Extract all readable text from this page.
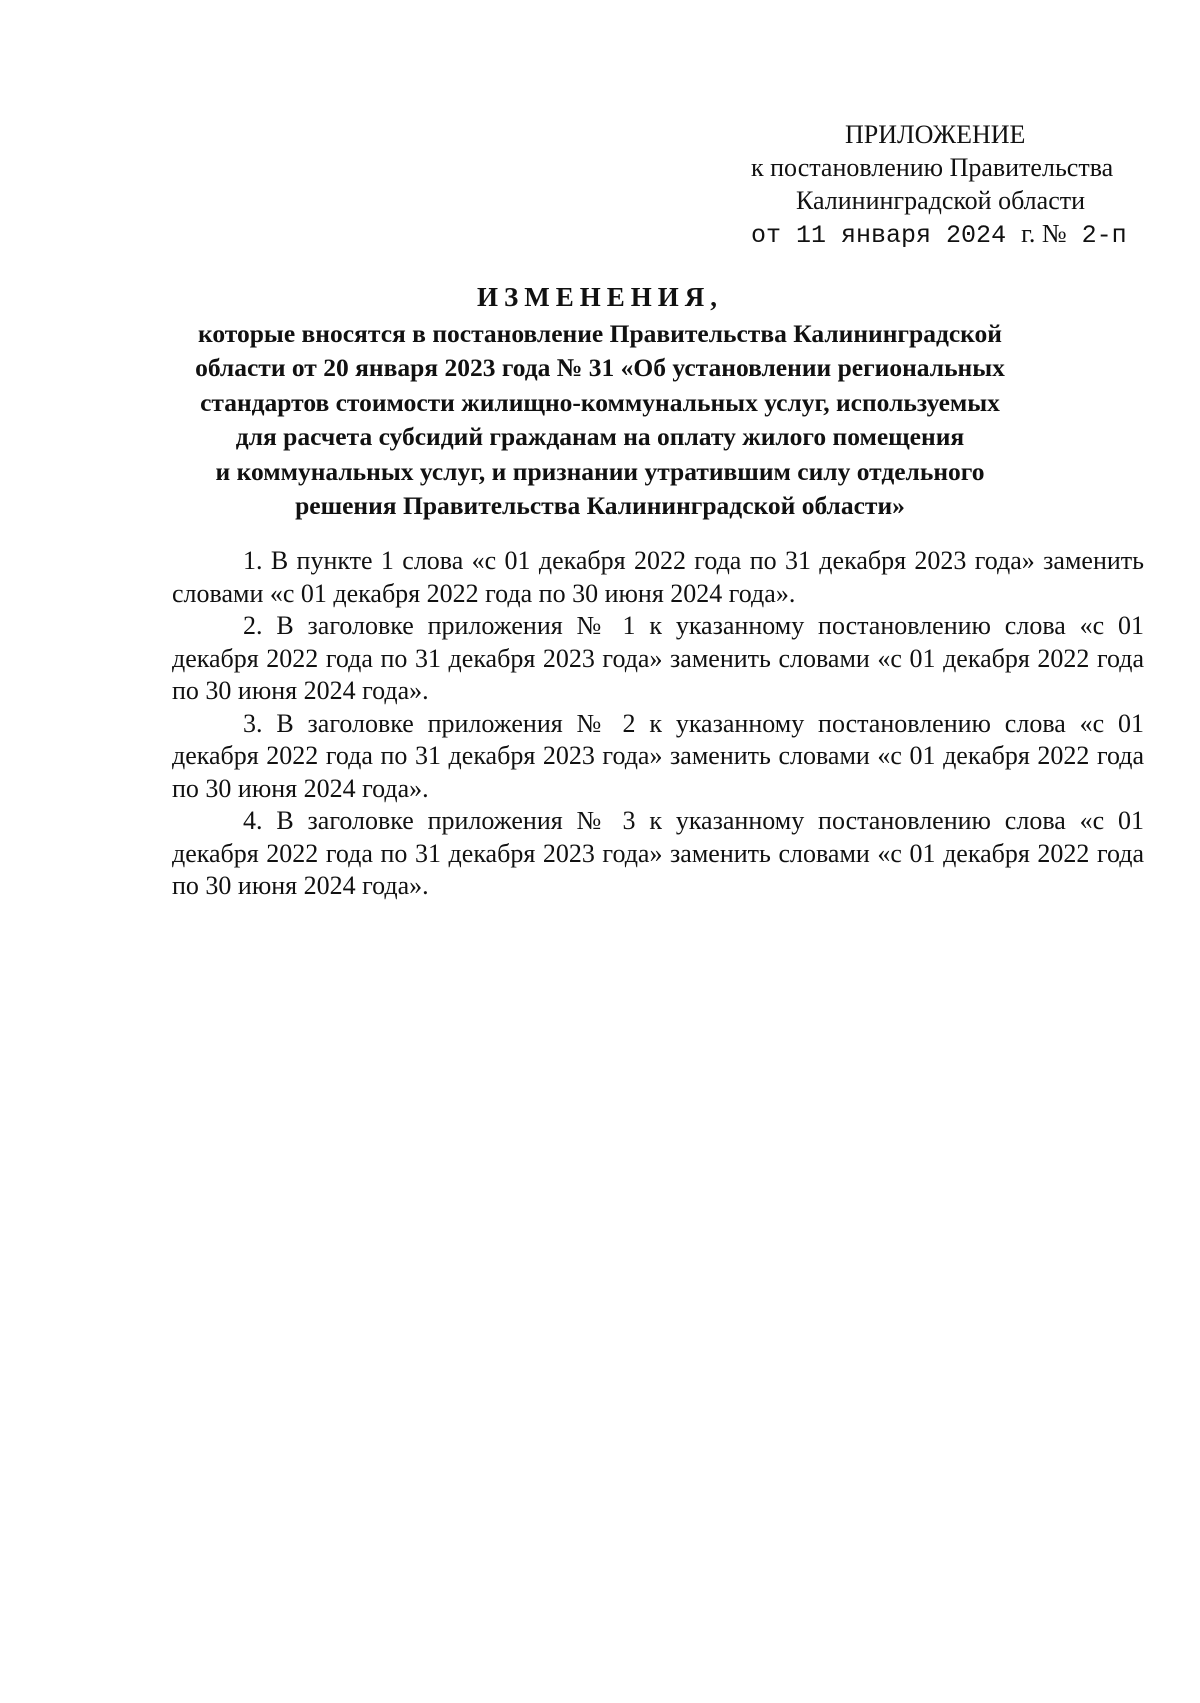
ПРИЛОЖЕНИЕ
к постановлению Правительства
Калининградской области
от 11 января 2024 г. № 2-п
ИЗМЕНЕНИЯ,
которые вносятся в постановление Правительства Калининградской
области от 20 января 2023 года № 31 «Об установлении региональных
стандартов стоимости жилищно-коммунальных услуг, используемых
для расчета субсидий гражданам на оплату жилого помещения
и коммунальных услуг, и признании утратившим силу отдельного
решения Правительства Калининградской области»

1. В пункте 1 слова «с 01 декабря 2022 года по 31 декабря 2023 года» заменить словами «с 01 декабря 2022 года по 30 июня 2024 года».

2. В заголовке приложения № 1 к указанному постановлению слова «с 01 декабря 2022 года по 31 декабря 2023 года» заменить словами «с 01 декабря 2022 года по 30 июня 2024 года».

3. В заголовке приложения № 2 к указанному постановлению слова «с 01 декабря 2022 года по 31 декабря 2023 года» заменить словами «с 01 декабря 2022 года по 30 июня 2024 года».

4. В заголовке приложения № 3 к указанному постановлению слова «с 01 декабря 2022 года по 31 декабря 2023 года» заменить словами «с 01 декабря 2022 года по 30 июня 2024 года».
